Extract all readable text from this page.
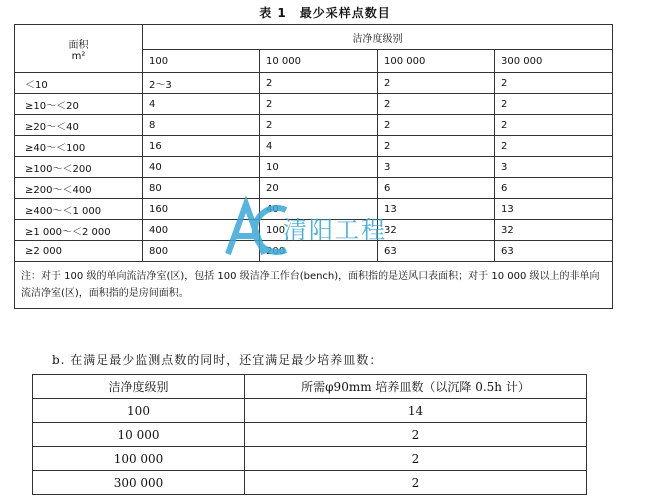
表 1　最少采样点数目
面积
m²	洁净度级别			
	100	10 000	100 000	300 000
＜10	2～3	2	2	2
≥10～＜20	4	2	2	2
≥20～＜40	8	2	2	2
≥40～＜100	16	4	2	2
≥100～＜200	40	10	3	3
≥200～＜400	80	20	6	6
≥400～＜1 000	160	40	13	13
≥1 000～＜2 000	400	100	32	32
≥2 000	800	200	63	63
注：对于 100 级的单向流洁净室(区)，包括 100 级洁净工作台(bench)，面积指的是送风口表面积；对于 10 000 级以上的非单向流洁净室(区)，面积指的是房间面积。				
清阳工程
b. 在满足最少监测点数的同时，还宜满足最少培养皿数：
洁净度级别	所需φ90mm 培养皿数（以沉降 0.5h 计）
100	14
10 000	2
100 000	2
300 000	2
